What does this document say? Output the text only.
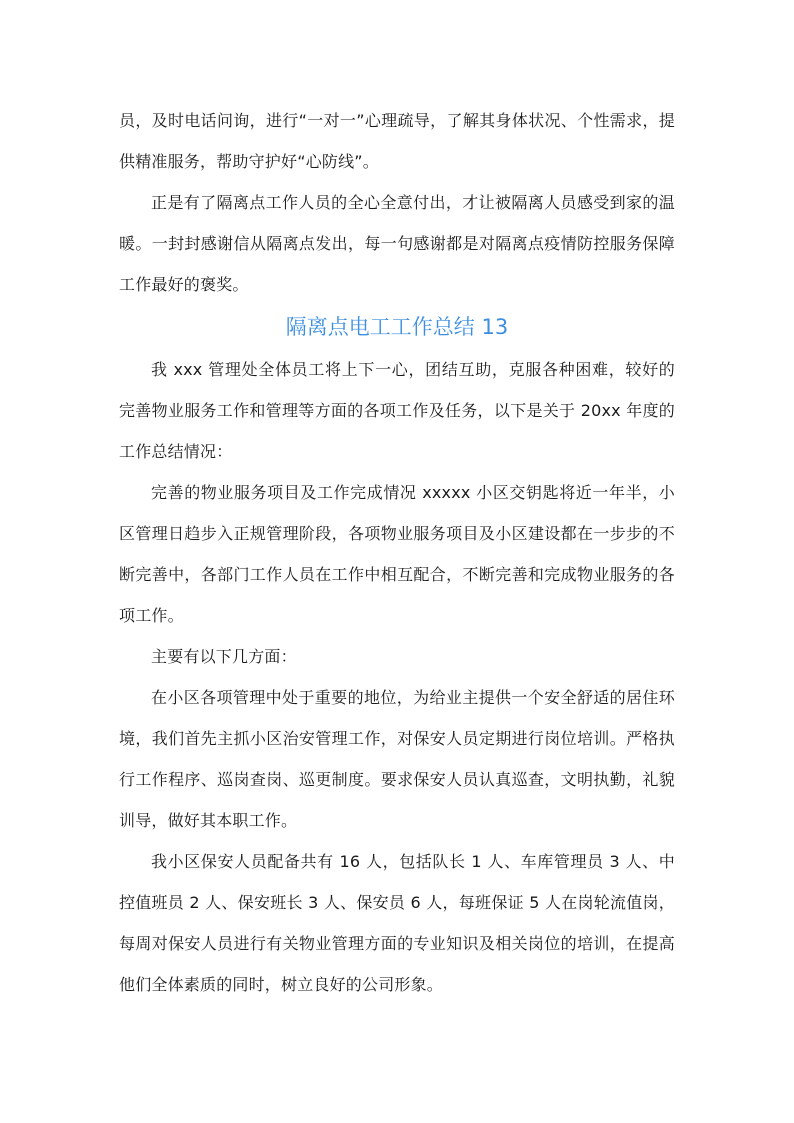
员，及时电话问询，进行“一对一”心理疏导，了解其身体状况、个性需求，提供精准服务，帮助守护好“心防线”。

正是有了隔离点工作人员的全心全意付出，才让被隔离人员感受到家的温暖。一封封感谢信从隔离点发出，每一句感谢都是对隔离点疫情防控服务保障工作最好的褒奖。

隔离点电工工作总结 13

我 xxx 管理处全体员工将上下一心，团结互助，克服各种困难，较好的完善物业服务工作和管理等方面的各项工作及任务，以下是关于 20xx 年度的工作总结情况：

完善的物业服务项目及工作完成情况 xxxxx 小区交钥匙将近一年半，小区管理日趋步入正规管理阶段，各项物业服务项目及小区建设都在一步步的不断完善中，各部门工作人员在工作中相互配合，不断完善和完成物业服务的各项工作。

主要有以下几方面：

在小区各项管理中处于重要的地位，为给业主提供一个安全舒适的居住环境，我们首先主抓小区治安管理工作，对保安人员定期进行岗位培训。严格执行工作程序、巡岗查岗、巡更制度。要求保安人员认真巡查，文明执勤，礼貌训导，做好其本职工作。

我小区保安人员配备共有 16 人，包括队长 1 人、车库管理员 3 人、中控值班员 2 人、保安班长 3 人、保安员 6 人，每班保证 5 人在岗轮流值岗，每周对保安人员进行有关物业管理方面的专业知识及相关岗位的培训，在提高他们全体素质的同时，树立良好的公司形象。
